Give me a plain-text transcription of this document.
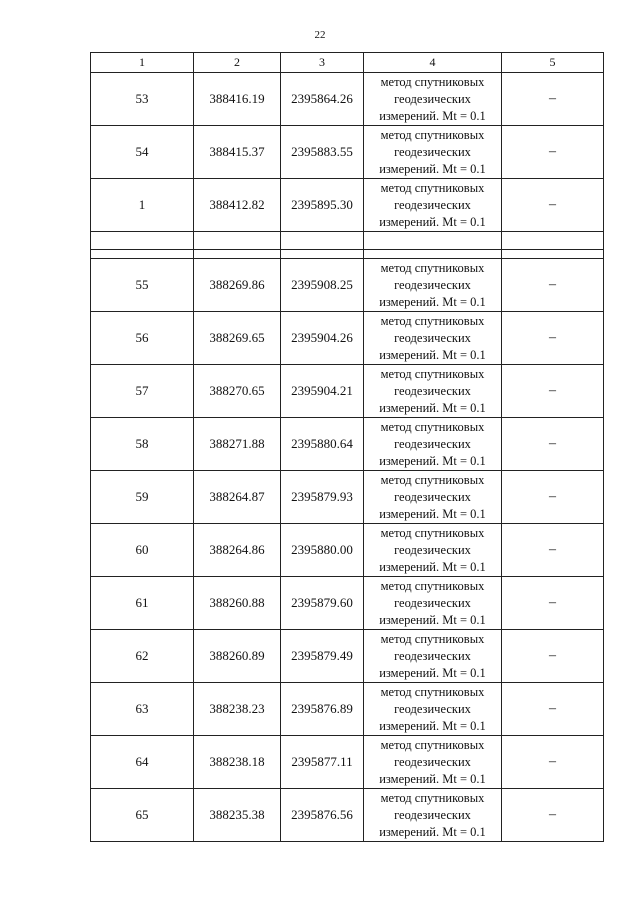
22
1	2	3	4	5
53	388416.19	2395864.26	метод спутниковых
геодезических
измерений. Mt = 0.1	–
54	388415.37	2395883.55	метод спутниковых
геодезических
измерений. Mt = 0.1	–
1	388412.82	2395895.30	метод спутниковых
геодезических
измерений. Mt = 0.1	–

55	388269.86	2395908.25	метод спутниковых
геодезических
измерений. Mt = 0.1	–
56	388269.65	2395904.26	метод спутниковых
геодезических
измерений. Mt = 0.1	–
57	388270.65	2395904.21	метод спутниковых
геодезических
измерений. Mt = 0.1	–
58	388271.88	2395880.64	метод спутниковых
геодезических
измерений. Mt = 0.1	–
59	388264.87	2395879.93	метод спутниковых
геодезических
измерений. Mt = 0.1	–
60	388264.86	2395880.00	метод спутниковых
геодезических
измерений. Mt = 0.1	–
61	388260.88	2395879.60	метод спутниковых
геодезических
измерений. Mt = 0.1	–
62	388260.89	2395879.49	метод спутниковых
геодезических
измерений. Mt = 0.1	–
63	388238.23	2395876.89	метод спутниковых
геодезических
измерений. Mt = 0.1	–
64	388238.18	2395877.11	метод спутниковых
геодезических
измерений. Mt = 0.1	–
65	388235.38	2395876.56	метод спутниковых
геодезических
измерений. Mt = 0.1	–
